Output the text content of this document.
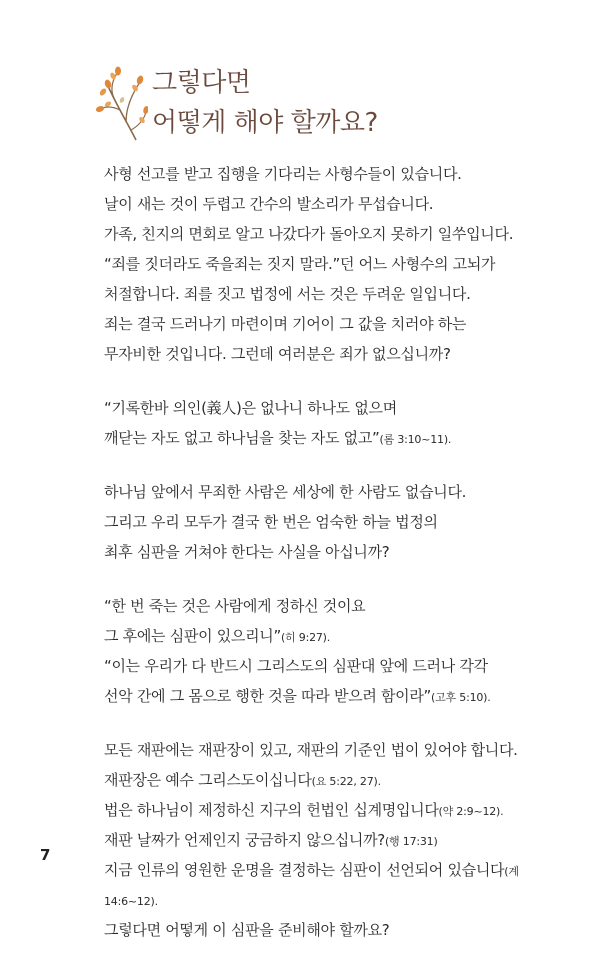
그렇다면
어떻게 해야 할까요?
사형 선고를 받고 집행을 기다리는 사형수들이 있습니다.
날이 새는 것이 두렵고 간수의 발소리가 무섭습니다.
가족, 친지의 면회로 알고 나갔다가 돌아오지 못하기 일쑤입니다.
“죄를 짓더라도 죽을죄는 짓지 말라.”던 어느 사형수의 고뇌가
처절합니다. 죄를 짓고 법정에 서는 것은 두려운 일입니다.
죄는 결국 드러나기 마련이며 기어이 그 값을 치러야 하는
무자비한 것입니다. 그런데 여러분은 죄가 없으십니까?
“기록한바 의인(義人)은 없나니 하나도 없으며
깨닫는 자도 없고 하나님을 찾는 자도 없고”(롬 3:10~11).
하나님 앞에서 무죄한 사람은 세상에 한 사람도 없습니다.
그리고 우리 모두가 결국 한 번은 엄숙한 하늘 법정의
최후 심판을 거쳐야 한다는 사실을 아십니까?
“한 번 죽는 것은 사람에게 정하신 것이요
그 후에는 심판이 있으리니”(히 9:27).
“이는 우리가 다 반드시 그리스도의 심판대 앞에 드러나 각각
선악 간에 그 몸으로 행한 것을 따라 받으려 함이라”(고후 5:10).
모든 재판에는 재판장이 있고, 재판의 기준인 법이 있어야 합니다.
재판장은 예수 그리스도이십니다(요 5:22, 27).
법은 하나님이 제정하신 지구의 헌법인 십계명입니다(약 2:9~12).
재판 날짜가 언제인지 궁금하지 않으십니까?(행 17:31)
지금 인류의 영원한 운명을 결정하는 심판이 선언되어 있습니다(계
14:6~12).
그렇다면 어떻게 이 심판을 준비해야 할까요?
7
